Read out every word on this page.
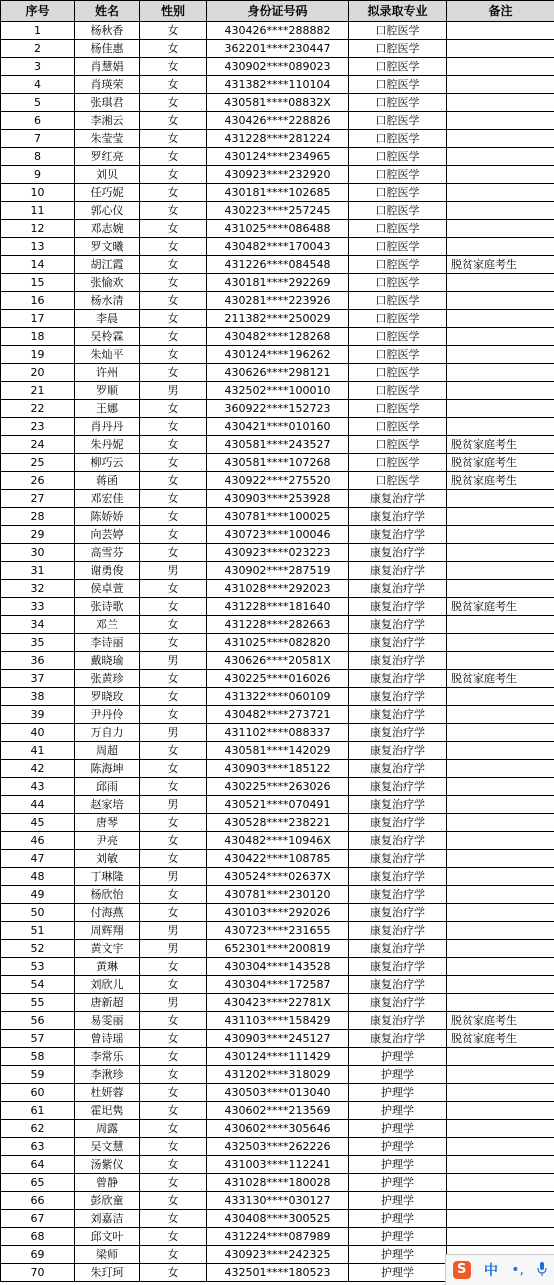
序号	姓名	性别	身份证号码	拟录取专业	备注
1	杨秋香	女	430426****288882	口腔医学	
2	杨佳惠	女	362201****230447	口腔医学	
3	肖慧娟	女	430902****089023	口腔医学	
4	肖瑛荣	女	431382****110104	口腔医学	
5	张琪君	女	430581****08832X	口腔医学	
6	李湘云	女	430426****228826	口腔医学	
7	朱莹莹	女	431228****281224	口腔医学	
8	罗红亮	女	430124****234965	口腔医学	
9	刘贝	女	430923****232920	口腔医学	
10	任巧妮	女	430181****102685	口腔医学	
11	郭心仪	女	430223****257245	口腔医学	
12	邓志婉	女	431025****086488	口腔医学	
13	罗文曦	女	430482****170043	口腔医学	
14	胡江霞	女	431226****084548	口腔医学	脱贫家庭考生
15	张愉欢	女	430181****292269	口腔医学	
16	杨水清	女	430281****223926	口腔医学	
17	李晨	女	211382****250029	口腔医学	
18	吴柃霖	女	430482****128268	口腔医学	
19	朱灿平	女	430124****196262	口腔医学	
20	许州	女	430626****298121	口腔医学	
21	罗顺	男	432502****100010	口腔医学	
22	王娜	女	360922****152723	口腔医学	
23	肖丹丹	女	430421****010160	口腔医学	
24	朱丹妮	女	430581****243527	口腔医学	脱贫家庭考生
25	柳巧云	女	430581****107268	口腔医学	脱贫家庭考生
26	蒋函	女	430922****275520	口腔医学	脱贫家庭考生
27	邓宏佳	女	430903****253928	康复治疗学	
28	陈娇娇	女	430781****100025	康复治疗学	
29	向芸婷	女	430723****100046	康复治疗学	
30	高雪芬	女	430923****023223	康复治疗学	
31	谢勇俊	男	430902****287519	康复治疗学	
32	侯卓萱	女	431028****292023	康复治疗学	
33	张诗歌	女	431228****181640	康复治疗学	脱贫家庭考生
34	邓兰	女	431228****282663	康复治疗学	
35	李诗丽	女	431025****082820	康复治疗学	
36	戴晓瑜	男	430626****20581X	康复治疗学	
37	张黄珍	女	430225****016026	康复治疗学	脱贫家庭考生
38	罗晓玫	女	431322****060109	康复治疗学	
39	尹丹伶	女	430482****273721	康复治疗学	
40	万自力	男	431102****088337	康复治疗学	
41	周超	女	430581****142029	康复治疗学	
42	陈海坤	女	430903****185122	康复治疗学	
43	邱雨	女	430225****263026	康复治疗学	
44	赵家培	男	430521****070491	康复治疗学	
45	唐琴	女	430528****238221	康复治疗学	
46	尹亮	女	430482****10946X	康复治疗学	
47	刘敏	女	430422****108785	康复治疗学	
48	丁琳隆	男	430524****02637X	康复治疗学	
49	杨欣怡	女	430781****230120	康复治疗学	
50	付海燕	女	430103****292026	康复治疗学	
51	周辉翔	男	430723****231655	康复治疗学	
52	黄文宇	男	652301****200819	康复治疗学	
53	黄琳	女	430304****143528	康复治疗学	
54	刘欣儿	女	430304****172587	康复治疗学	
55	唐新超	男	430423****22781X	康复治疗学	
56	易雯丽	女	431103****158429	康复治疗学	脱贫家庭考生
57	曾诗瑶	女	430903****245127	康复治疗学	脱贫家庭考生
58	李常乐	女	430124****111429	护理学	
59	李湫珍	女	431202****318029	护理学	
60	杜妍蓉	女	430503****013040	护理学	
61	霍圯隽	女	430602****213569	护理学	
62	周露	女	430602****305646	护理学	
63	吴文慧	女	432503****262226	护理学	
64	汤紫仪	女	431003****112241	护理学	
65	曾静	女	431028****180028	护理学	
66	彭欣童	女	433130****030127	护理学	
67	刘嘉洁	女	430408****300525	护理学	
68	邱文叶	女	431224****087989	护理学	
69	梁师	女	430923****242325	护理学	
70	朱玎珂	女	432501****180523	护理学		S	中 •,
